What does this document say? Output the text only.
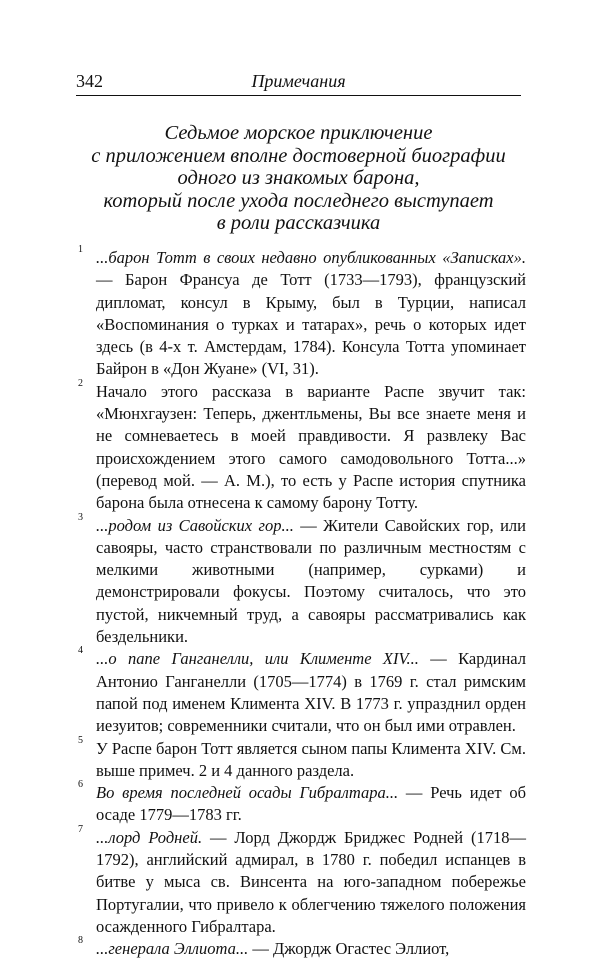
342	Примечания
Седьмое морское приключение
с приложением вполне достоверной биографии
одного из знакомых барона,
который после ухода последнего выступает
в роли рассказчика
1 ...барон Тотт в своих недавно опубликованных «Записках».— Барон Франсуа де Тотт (1733—1793), французский дипломат, консул в Крыму, был в Турции, написал «Воспоминания о турках и татарах», речь о которых идет здесь (в 4-х т. Амстердам, 1784). Консула Тотта упоминает Байрон в «Дон Жуане» (VI, 31).
2 Начало этого рассказа в варианте Распе звучит так: «Мюнхгаузен: Теперь, джентльмены, Вы все знаете меня и не сомневаетесь в моей правдивости. Я развлеку Вас происхождением этого самого самодовольного Тотта...» (перевод мой. — А. М.), то есть у Распе история спутника барона была отнесена к самому барону Тотту.
3 ...родом из Савойских гор... — Жители Савойских гор, или савояры, часто странствовали по различным местностям с мелкими животными (например, сурками) и демонстрировали фокусы. Поэтому считалось, что это пустой, никчемный труд, а савояры рассматривались как бездельники.
4 ...о папе Ганганелли, или Клименте XIV... — Кардинал Антонио Ганганелли (1705—1774) в 1769 г. стал римским папой под именем Климента XIV. В 1773 г. упразднил орден иезуитов; современники считали, что он был ими отравлен.
5 У Распе барон Тотт является сыном папы Климента XIV. См. выше примеч. 2 и 4 данного раздела.
6 Во время последней осады Гибралтара... — Речь идет об осаде 1779—1783 гг.
7 ...лорд Родней. — Лорд Джордж Бриджес Родней (1718—1792), английский адмирал, в 1780 г. победил испанцев в битве у мыса св. Винсента на юго-западном побережье Португалии, что привело к облегчению тяжелого положения осажденного Гибралтара.
8 ...генерала Эллиота... — Джордж Огастес Эллиот,
